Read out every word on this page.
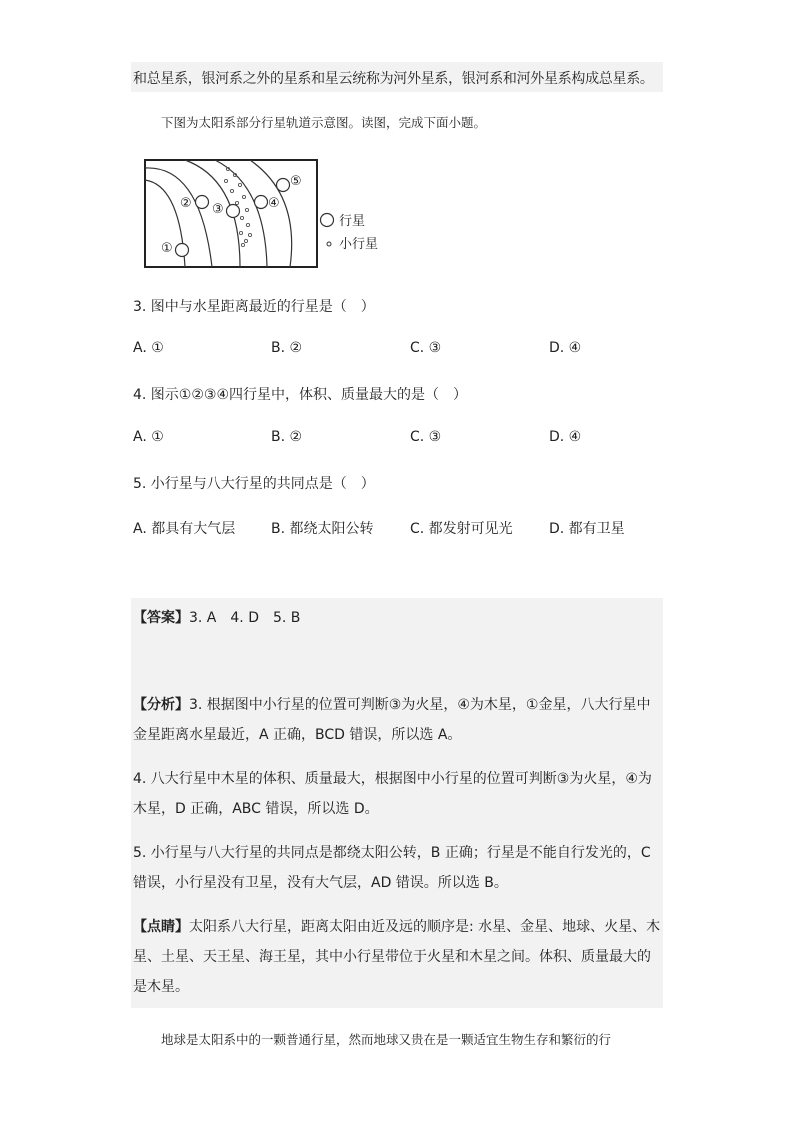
和总星系，银河系之外的星系和星云统称为河外星系，银河系和河外星系构成总星系。
下图为太阳系部分行星轨道示意图。读图，完成下面小题。
①
② ③	④
⑤
行星
小行星
3. 图中与水星距离最近的行星是（　）
A. ①	B. ②	C. ③	D. ④
4. 图示①②③④四行星中，体积、质量最大的是（　）
A. ①	B. ②	C. ③	D. ④
5. 小行星与八大行星的共同点是（　）
A. 都具有大气层	B. 都绕太阳公转	C. 都发射可见光	D. 都有卫星
【答案】3. A　4. D　5. B

【分析】3. 根据图中小行星的位置可判断③为火星，④为木星，①金星，八大行星中金星距离水星最近，A 正确，BCD 错误，所以选 A。

4. 八大行星中木星的体积、质量最大，根据图中小行星的位置可判断③为火星，④为木星，D 正确，ABC 错误，所以选 D。

5. 小行星与八大行星的共同点是都绕太阳公转，B 正确；行星是不能自行发光的，C 错误，小行星没有卫星，没有大气层，AD 错误。所以选 B。

【点睛】太阳系八大行星，距离太阳由近及远的顺序是: 水星、金星、地球、火星、木星、土星、天王星、海王星，其中小行星带位于火星和木星之间。体积、质量最大的是木星。

地球是太阳系中的一颗普通行星，然而地球又贵在是一颗适宜生物生存和繁衍的行
